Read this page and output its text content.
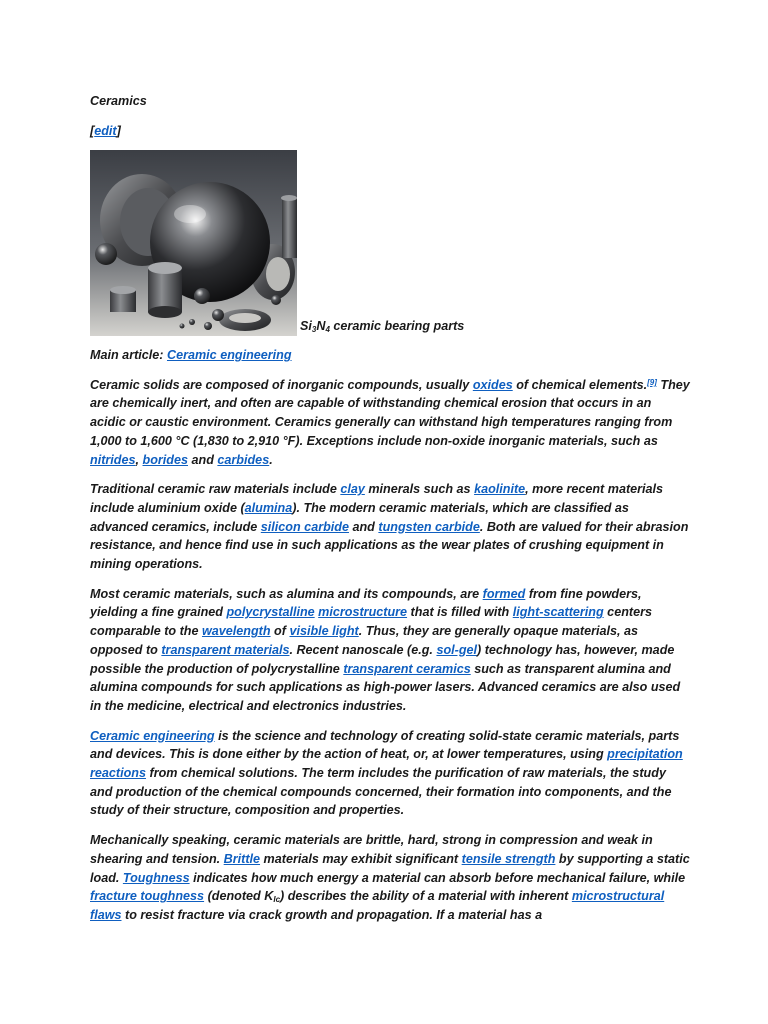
Ceramics
[edit]
$Si_3N_4$ ceramic bearing parts
Main article: Ceramic engineering

Ceramic solids are composed of inorganic compounds, usually oxides of chemical elements.[9] They are chemically inert, and often are capable of withstanding chemical erosion that occurs in an acidic or caustic environment. Ceramics generally can withstand high temperatures ranging from 1,000 to 1,600 °C (1,830 to 2,910 °F). Exceptions include non-oxide inorganic materials, such as nitrides, borides and carbides.

Traditional ceramic raw materials include clay minerals such as kaolinite, more recent materials include aluminium oxide (alumina). The modern ceramic materials, which are classified as advanced ceramics, include silicon carbide and tungsten carbide. Both are valued for their abrasion resistance, and hence find use in such applications as the wear plates of crushing equipment in mining operations.

Most ceramic materials, such as alumina and its compounds, are formed from fine powders, yielding a fine grained polycrystalline microstructure that is filled with light-scattering centers comparable to the wavelength of visible light. Thus, they are generally opaque materials, as opposed to transparent materials. Recent nanoscale (e.g. sol-gel) technology has, however, made possible the production of polycrystalline transparent ceramics such as transparent alumina and alumina compounds for such applications as high-power lasers. Advanced ceramics are also used in the medicine, electrical and electronics industries.

Ceramic engineering is the science and technology of creating solid-state ceramic materials, parts and devices. This is done either by the action of heat, or, at lower temperatures, using precipitation reactions from chemical solutions. The term includes the purification of raw materials, the study and production of the chemical compounds concerned, their formation into components, and the study of their structure, composition and properties.

Mechanically speaking, ceramic materials are brittle, hard, strong in compression and weak in shearing and tension. Brittle materials may exhibit significant tensile strength by supporting a static load. Toughness indicates how much energy a material can absorb before mechanical failure, while fracture toughness (denoted $K_{Ic}$) describes the ability of a material with inherent microstructural flaws to resist fracture via crack growth and propagation. If a material has a
